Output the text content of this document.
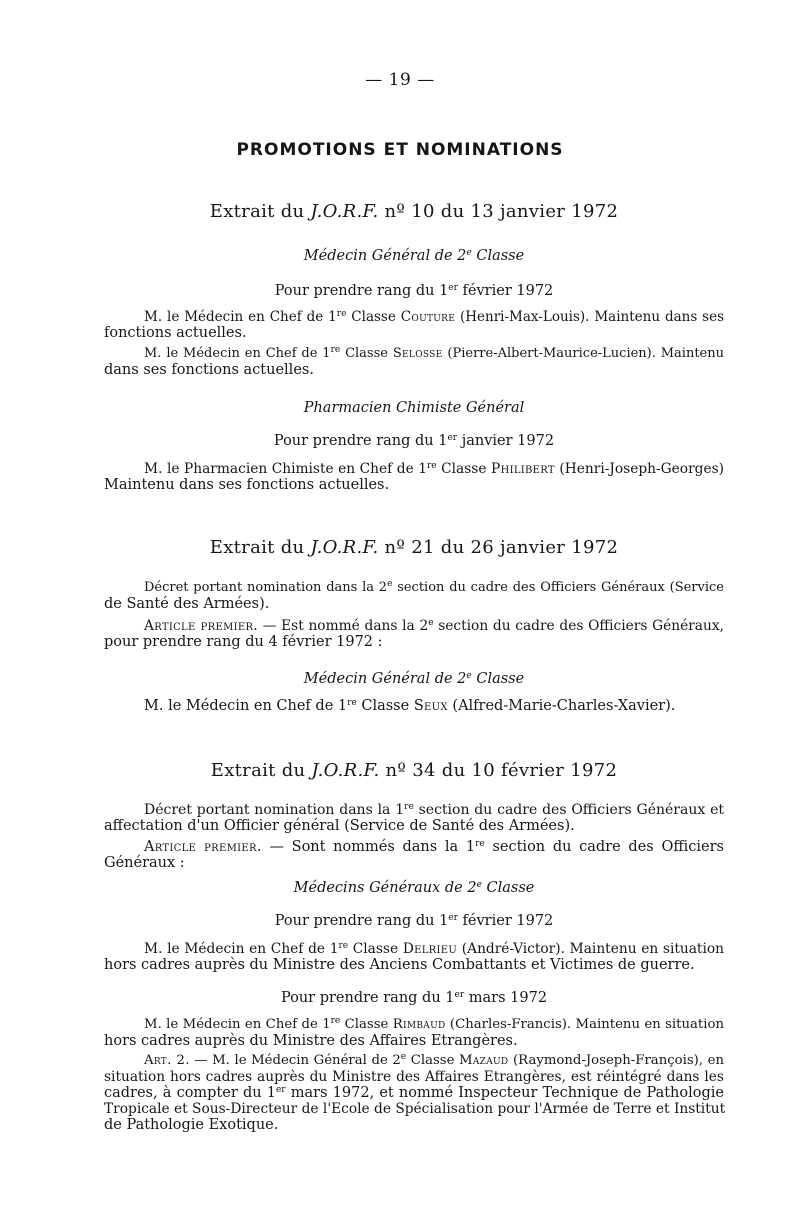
— 19 —
PROMOTIONS ET NOMINATIONS
Extrait du J.O.R.F. nº 10 du 13 janvier 1972
Médecin Général de 2e Classe
Pour prendre rang du 1er février 1972
M. le Médecin en Chef de 1re Classe Couture (Henri-Max-Louis). Maintenu dans ses
fonctions actuelles.
M. le Médecin en Chef de 1re Classe Selosse (Pierre-Albert-Maurice-Lucien). Maintenu
dans ses fonctions actuelles.
Pharmacien Chimiste Général
Pour prendre rang du 1er janvier 1972
M. le Pharmacien Chimiste en Chef de 1re Classe Philibert (Henri-Joseph-Georges)
Maintenu dans ses fonctions actuelles.
Extrait du J.O.R.F. nº 21 du 26 janvier 1972
Décret portant nomination dans la 2e section du cadre des Officiers Généraux (Service
de Santé des Armées).
Article premier. — Est nommé dans la 2e section du cadre des Officiers Généraux,
pour prendre rang du 4 février 1972 :
Médecin Général de 2e Classe
M. le Médecin en Chef de 1re Classe Seux (Alfred-Marie-Charles-Xavier).
Extrait du J.O.R.F. nº 34 du 10 février 1972
Décret portant nomination dans la 1re section du cadre des Officiers Généraux et
affectation d'un Officier général (Service de Santé des Armées).
Article premier. — Sont nommés dans la 1re section du cadre des Officiers
Généraux :
Médecins Généraux de 2e Classe
Pour prendre rang du 1er février 1972
M. le Médecin en Chef de 1re Classe Delrieu (André-Victor). Maintenu en situation
hors cadres auprès du Ministre des Anciens Combattants et Victimes de guerre.
Pour prendre rang du 1er mars 1972
M. le Médecin en Chef de 1re Classe Rimbaud (Charles-Francis). Maintenu en situation
hors cadres auprès du Ministre des Affaires Etrangères.
Art. 2. — M. le Médecin Général de 2e Classe Mazaud (Raymond-Joseph-François), en
situation hors cadres auprès du Ministre des Affaires Etrangères, est réintégré dans les
cadres, à compter du 1er mars 1972, et nommé Inspecteur Technique de Pathologie
Tropicale et Sous-Directeur de l'Ecole de Spécialisation pour l'Armée de Terre et Institut
de Pathologie Exotique.
